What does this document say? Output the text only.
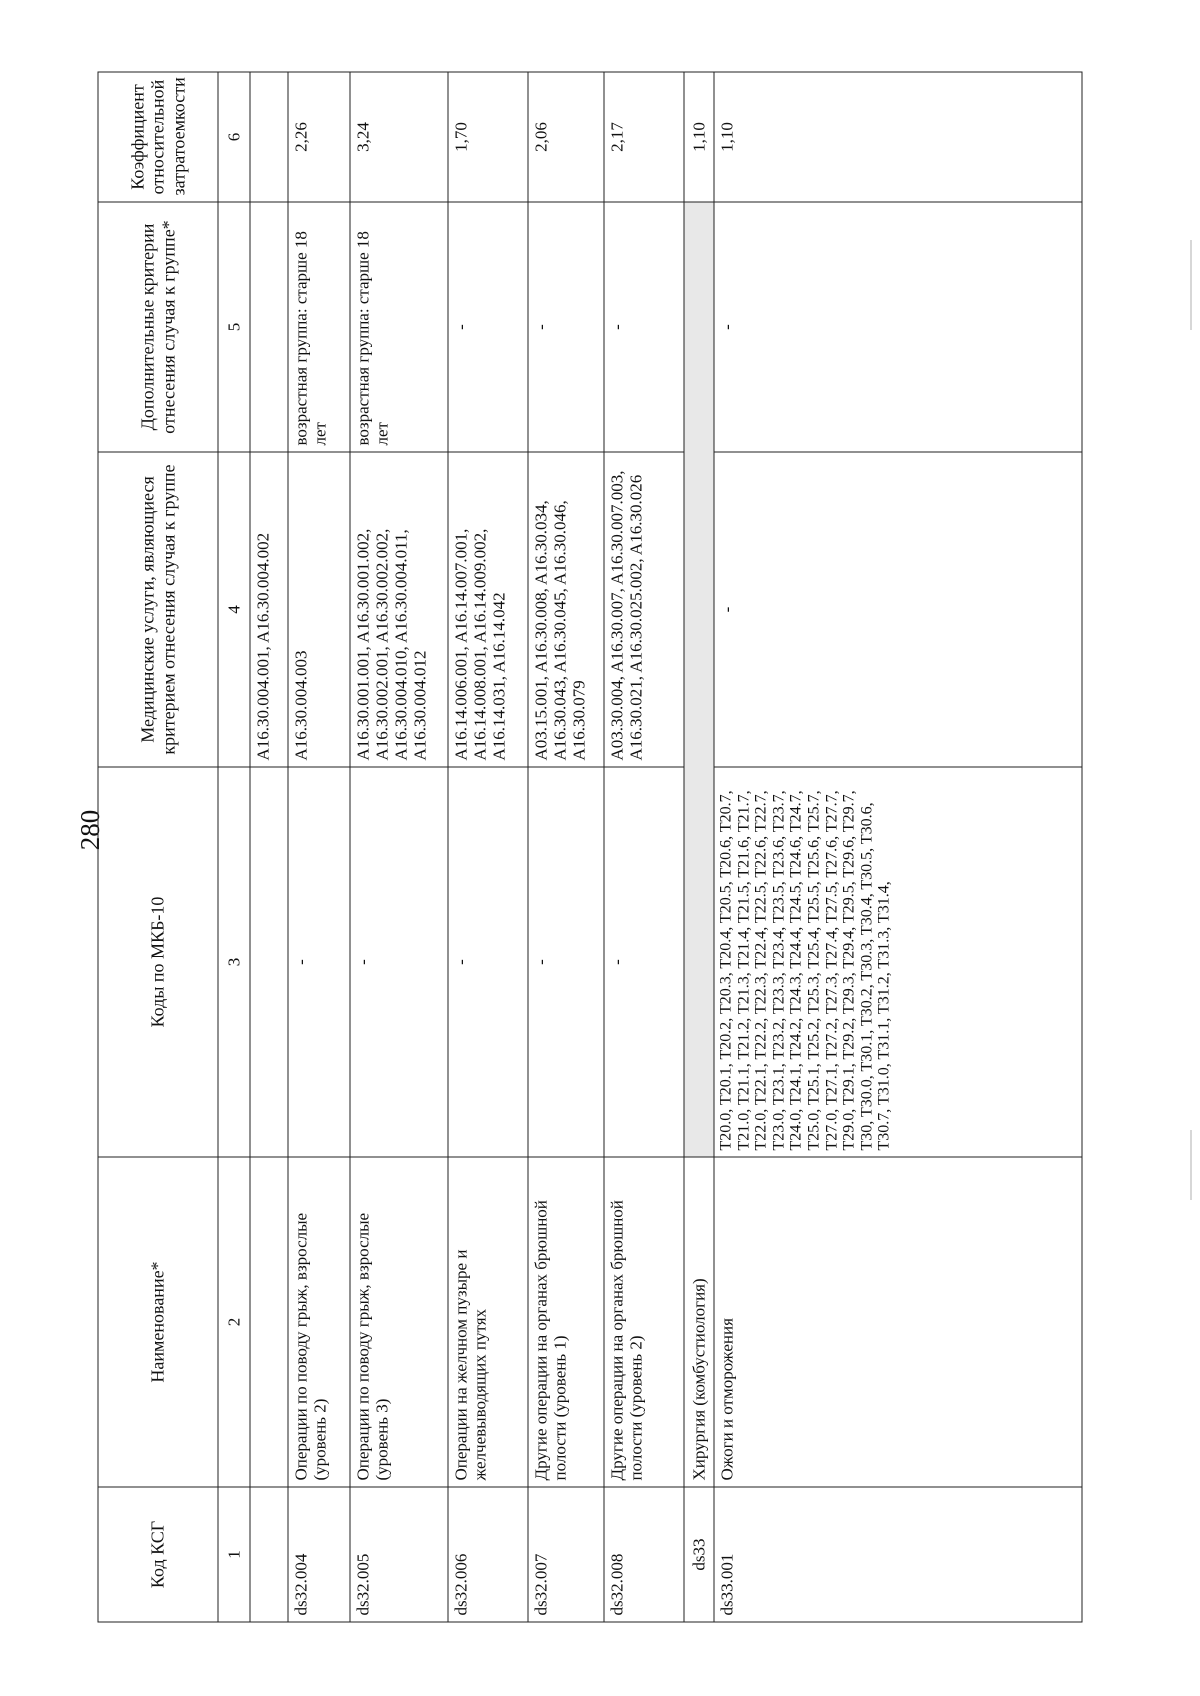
280
Код КСГ	Наименование*	Коды по МКБ-10	Медицинские услуги, являющиеся критерием отнесения случая к группе	Дополнительные критерии отнесения случая к группе*	Коэффициент относительной затратоемкости
1	2	3	4	5	6
			A16.30.004.001, A16.30.004.002		
ds32.004	Операции по поводу грыж, взрослые (уровень 2)	-	A16.30.004.003	возрастная группа: старше 18 лет	2,26
ds32.005	Операции по поводу грыж, взрослые (уровень 3)	-	A16.30.001.001, A16.30.001.002, A16.30.002.001, A16.30.002.002, A16.30.004.010, A16.30.004.011, A16.30.004.012	возрастная группа: старше 18 лет	3,24
ds32.006	Операции на желчном пузыре и желчевыводящих путях	-	A16.14.006.001, A16.14.007.001, A16.14.008.001, A16.14.009.002, A16.14.031, A16.14.042	-	1,70
ds32.007	Другие операции на органах брюшной полости (уровень 1)	-	A03.15.001, A16.30.008, A16.30.034, A16.30.043, A16.30.045, A16.30.046, A16.30.079	-	2,06
ds32.008	Другие операции на органах брюшной полости (уровень 2)	-	A03.30.004, A16.30.007, A16.30.007.003, A16.30.021, A16.30.025.002, A16.30.026	-	2,17
ds33	Хирургия (комбустиология)				1,10
ds33.001	Ожоги и отморожения	T20.0, T20.1, T20.2, T20.3, T20.4, T20.5, T20.6, T20.7, T21.0, T21.1, T21.2, T21.3, T21.4, T21.5, T21.6, T21.7, T22.0, T22.1, T22.2, T22.3, T22.4, T22.5, T22.6, T22.7, T23.0, T23.1, T23.2, T23.3, T23.4, T23.5, T23.6, T23.7, T24.0, T24.1, T24.2, T24.3, T24.4, T24.5, T24.6, T24.7, T25.0, T25.1, T25.2, T25.3, T25.4, T25.5, T25.6, T25.7, T27.0, T27.1, T27.2, T27.3, T27.4, T27.5, T27.6, T27.7, T29.0, T29.1, T29.2, T29.3, T29.4, T29.5, T29.6, T29.7, T30, T30.0, T30.1, T30.2, T30.3, T30.4, T30.5, T30.6, T30.7, T31.0, T31.1, T31.2, T31.3, T31.4,	-	-	1,10
